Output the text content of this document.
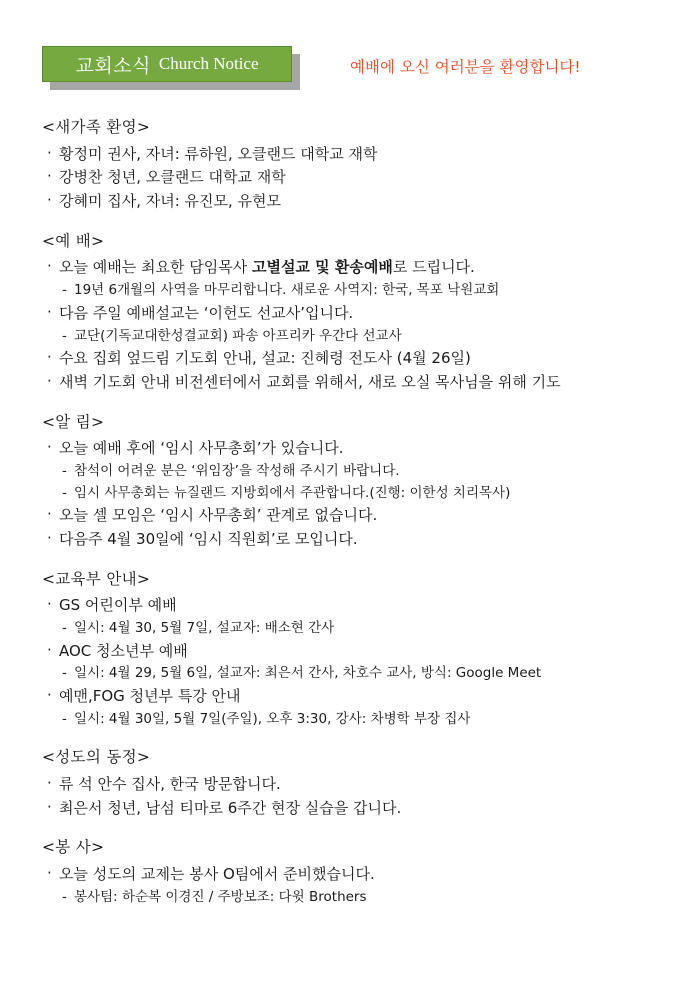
교회소식 Church Notice	예배에 오신 여러분을 환영합니다!
<새가족 환영>
· 황정미 권사, 자녀: 류하원, 오클랜드 대학교 재학
· 강병찬 청년, 오클랜드 대학교 재학
· 강혜미 집사, 자녀: 유진모, 유현모
<예 배>
· 오늘 예배는 최요한 담임목사 고별설교 및 환송예배로 드립니다.
- 19년 6개월의 사역을 마무리합니다. 새로운 사역지: 한국, 목포 낙원교회
· 다음 주일 예배설교는 ‘이헌도 선교사’입니다.
- 교단(기독교대한성결교회) 파송 아프리카 우간다 선교사
· 수요 집회 엎드림 기도회 안내, 설교: 진혜령 전도사 (4월 26일)
· 새벽 기도회 안내 비전센터에서 교회를 위해서, 새로 오실 목사님을 위해 기도
<알 림>
· 오늘 예배 후에 ‘임시 사무총회’가 있습니다.
- 참석이 어려운 분은 ‘위임장’을 작성해 주시기 바랍니다.
- 임시 사무총회는 뉴질랜드 지방회에서 주관합니다.(진행: 이한성 치리목사)
· 오늘 셀 모임은 ‘임시 사무총회’ 관계로 없습니다.
· 다음주 4월 30일에 ‘임시 직원회’로 모입니다.
<교육부 안내>
· GS 어린이부 예배
- 일시: 4월 30, 5월 7일, 설교자: 배소현 간사
· AOC 청소년부 예배
- 일시: 4월 29, 5월 6일, 설교자: 최은서 간사, 차호수 교사, 방식: Google Meet
· 예맨,FOG 청년부 특강 안내
- 일시: 4월 30일, 5월 7일(주일), 오후 3:30, 강사: 차병학 부장 집사
<성도의 동정>
· 류 석 안수 집사, 한국 방문합니다.
· 최은서 청년, 남섬 티마로 6주간 현장 실습을 갑니다.
<봉 사>
· 오늘 성도의 교제는 봉사 O팀에서 준비했습니다.
- 봉사팀: 하순복 이경진 / 주방보조: 다윗 Brothers
